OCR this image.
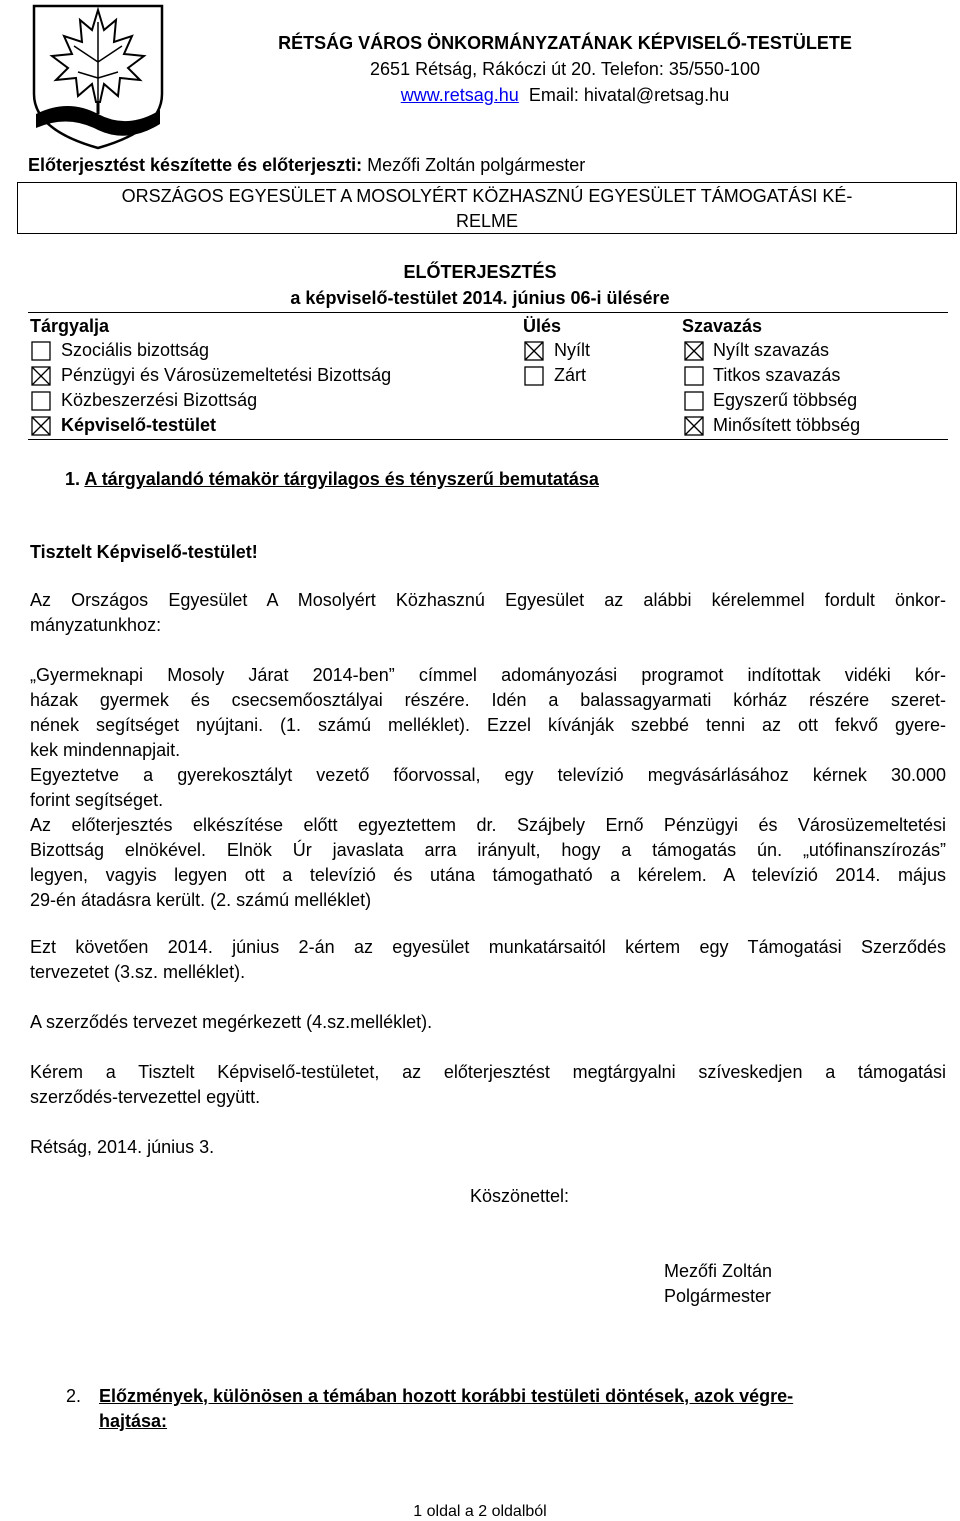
RÉTSÁG VÁROS ÖNKORMÁNYZATÁNAK KÉPVISELŐ-TESTÜLETE
2651 Rétság, Rákóczi út 20. Telefon: 35/550-100
www.retsag.hu Email: hivatal@retsag.hu
Előterjesztést készítette és előterjeszti: Mezőfi Zoltán polgármester
ORSZÁGOS EGYESÜLET A MOSOLYÉRT KÖZHASZNÚ EGYESÜLET TÁMOGATÁSI KÉ-
RELME
ELŐTERJESZTÉS
a képviselő-testület 2014. június 06-i ülésére
Tárgyalja	Ülés	Szavazás
1. A tárgyalandó témakör tárgyilagos és tényszerű bemutatása
Tisztelt Képviselő-testület!
Rétság, 2014. június 3.
Köszönettel:
Mezőfi Zoltán
Polgármester
2. Előzmények, különösen a témában hozott korábbi testületi döntések, azok végre-
hajtása:
1 oldal a 2 oldalból
Szociális bizottság
Pénzügyi és Városüzemeltetési Bizottság
Közbeszerzési Bizottság
Képviselő-testület
Nyílt
Zárt
Nyílt szavazás
Titkos szavazás
Egyszerű többség
Minősített többség
Az Országos Egyesület A Mosolyért Közhasznú Egyesület az alábbi kérelemmel fordult önkor-
mányzatunkhoz:
„Gyermeknapi Mosoly Járat 2014-ben” címmel adományozási programot indítottak vidéki kór-
házak gyermek és csecsemőosztályai részére. Idén a balassagyarmati kórház részére szeret-
nének segítséget nyújtani. (1. számú melléklet). Ezzel kívánják szebbé tenni az ott fekvő gyere-
kek mindennapjait.
Egyeztetve a gyerekosztályt vezető főorvossal, egy televízió megvásárlásához kérnek 30.000
forint segítséget.
Az előterjesztés elkészítése előtt egyeztettem dr. Szájbely Ernő Pénzügyi és Városüzemeltetési
Bizottság elnökével. Elnök Úr javaslata arra irányult, hogy a támogatás ún. „utófinanszírozás”
legyen, vagyis legyen ott a televízió és utána támogatható a kérelem. A televízió 2014. május
29-én átadásra került. (2. számú melléklet)
Ezt követően 2014. június 2-án az egyesület munkatársaitól kértem egy Támogatási Szerződés
tervezetet (3.sz. melléklet).
Kérem a Tisztelt Képviselő-testületet, az előterjesztést megtárgyalni szíveskedjen a támogatási
szerződés-tervezettel együtt.
A szerződés tervezet megérkezett (4.sz.melléklet).
